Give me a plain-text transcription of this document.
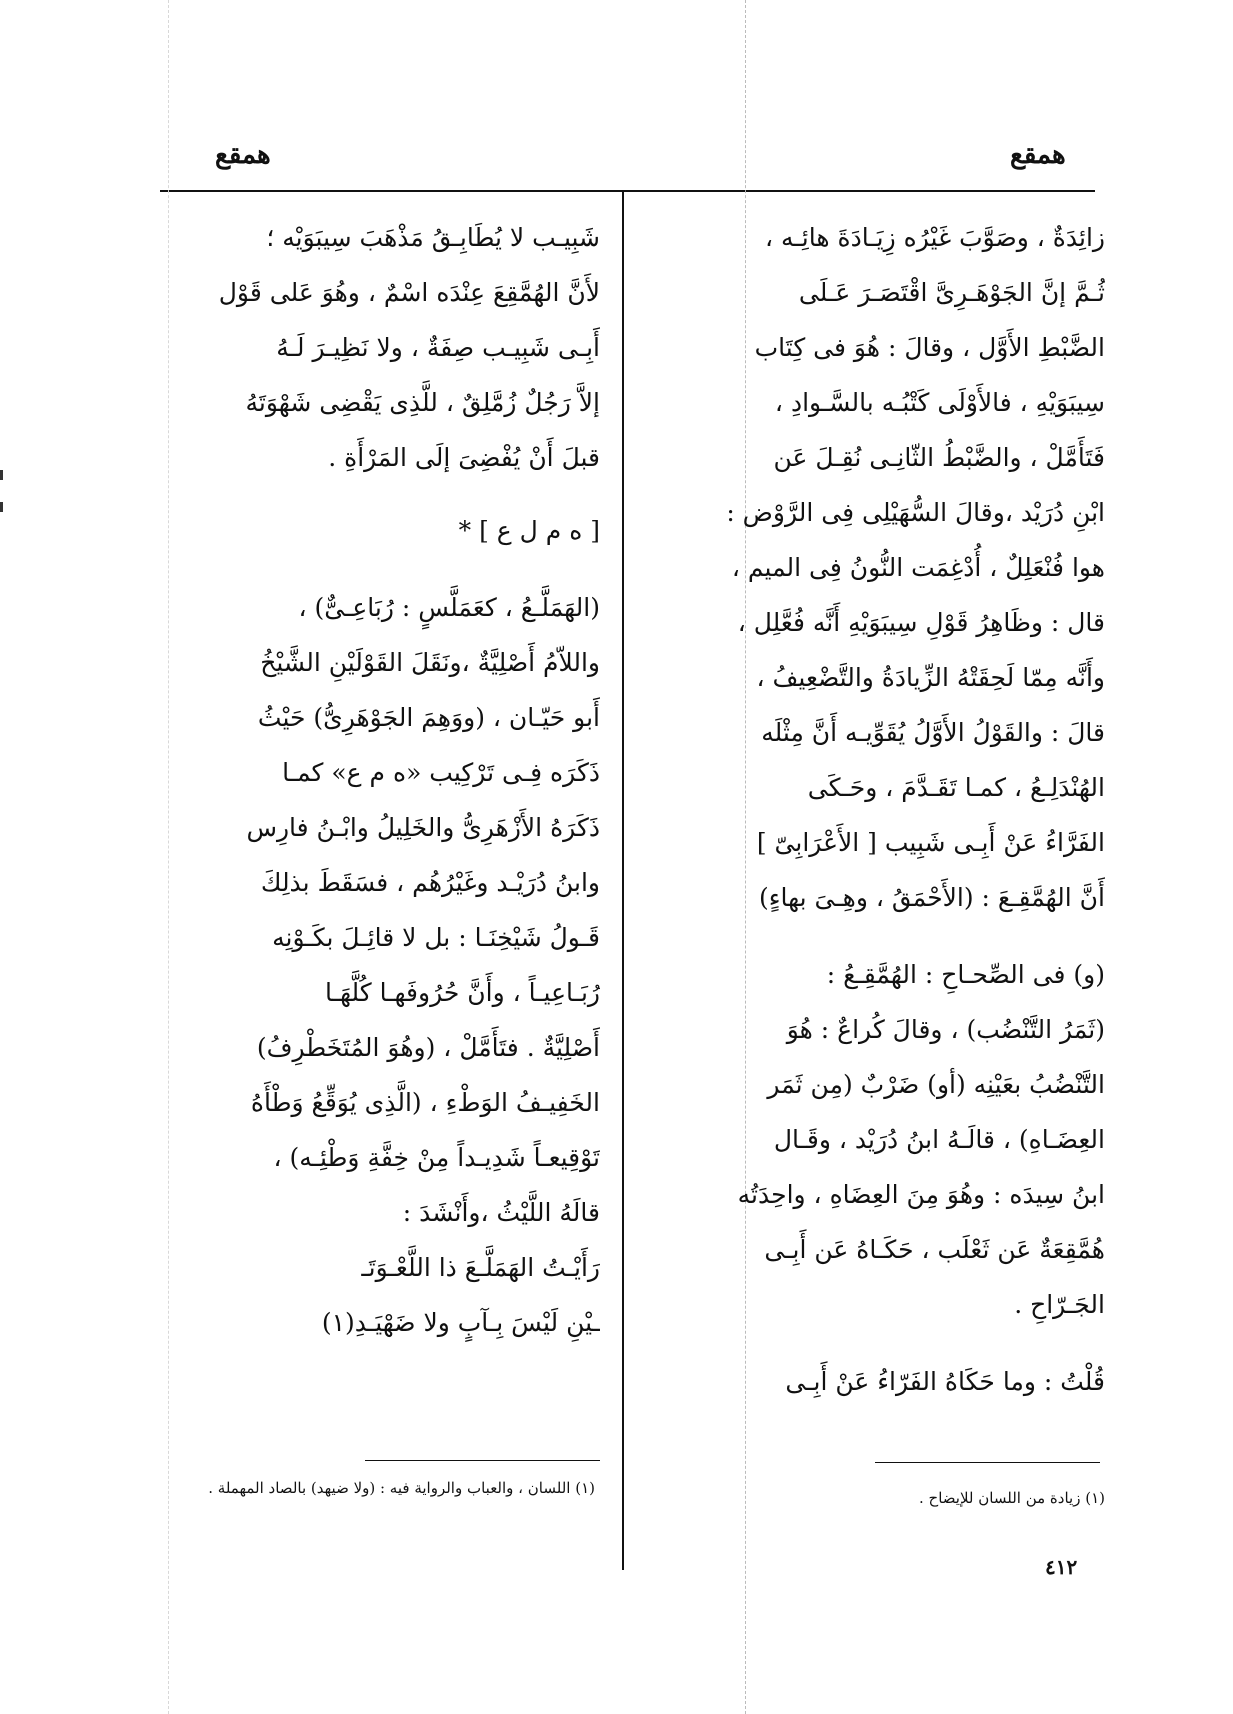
همقع	همقع

زائِدَةٌ ، وصَوَّبَ غَيْرُه زِيَـادَةَ هائِـه ،
ثُـمَّ إنَّ الجَوْهَـرِىَّ اقْتَصَـرَ عَـلَى
الضَّبْطِ الأَوَّل ، وقالَ : هُوَ فى كِتَاب
سِيبَوَيْهِ ، فالأَوْلَى كَتْبُـه بالسَّـوادِ ،
فَتَأَمَّلْ ، والضَّبْطُ الثّانِـى نُقِـلَ عَن
ابْنِ دُرَيْد ،وقالَ السُّهَيْلِى فِى الرَّوْض :
هوا فُنْعَلِلٌ ، أُدْغِمَت النُّونُ فِى الميم ،
قال : وظَاهِرُ قَوْلِ سِيبَوَيْهِ أَنَّه فُعَّلِل ،
وأَنَّه مِمّا لَحِقَتْهُ الزِّيادَةُ والتَّضْعِيفُ ،
قالَ : والقَوْلُ الأَوَّلُ يُقَوِّيـه أَنَّ مِثْلَه
الهُنْدَلِـعُ ، كمـا تَقَـدَّمَ ، وحَـكَى
الفَرَّاءُ عَنْ أَبِـى شَبِيب [ الأَعْرَابِىّ ]
أَنَّ الهُمَّقِـعَ : (الأَحْمَقُ ، وهِـىَ بهاءٍ)

(و) فى الصِّحـاحِ : الهُمَّقِـعُ :
(ثَمَرُ التَّنْضُب) ، وقالَ كُراعٌ : هُوَ
التَّنْضُبُ بعَيْنِه (أو) ضَرْبٌ (مِن ثَمَر
العِضَـاهِ) ، قالَـهُ ابنُ دُرَيْد ، وقَـال
ابنُ سِيدَه : وهُوَ مِنَ العِضَاهِ ، واحِدَتُه
هُمَّقِعَةٌ عَن ثَعْلَب ، حَكَـاهُ عَن أَبِـى
الجَـرّاحِ .

قُلْتُ : وما حَكَاهُ الفَرّاءُ عَنْ أَبِـى

شَبِيـب لا يُطَابِـقُ مَذْهَبَ سِيبَوَيْه ؛
لأَنَّ الهُمَّقِعَ عِنْدَه اسْمٌ ، وهُوَ عَلى قَوْل
أَبِـى شَبِيـب صِفَةٌ ، ولا نَظِيـرَ لَـهُ
إلاَّ رَجُلٌ زُمَّلِقٌ ، للَّذِى يَقْضِى شَهْوَتَهُ
قبلَ أَنْ يُفْضِىَ إلَى المَرْأَةِ .

[ ه م ل ع ] *

(الهَمَلَّـعُ ، كعَمَلَّسٍ : رُبَاعِـىٌّ) ،
واللاّمُ أَصْلِيَّةٌ ،ونَقَلَ القَوْلَيْنِ الشَّيْخُ
أَبو حَيّـان ، (ووَهِمَ الجَوْهَرِىُّ) حَيْثُ
ذَكَرَه فِـى تَرْكِيب «ه م ع» كمـا
ذَكَرَهُ الأَزْهَرِىُّ والخَلِيلُ وابْـنُ فارِس
وابنُ دُرَيْـد وغَيْرُهُم ، فسَقَطَ بذلِكَ
قَـولُ شَيْخِنَـا : بل لا قائِـلَ بكَـوْنِه
رُبَـاعِيـاً ، وأَنَّ حُرُوفَهـا كُلَّهَـا
أَصْلِيَّةٌ . فتَأَمَّلْ ، (وهُوَ المُتَخَطْرِفُ)
الخَفِيـفُ الوَطْءِ ، (الَّذِى يُوَقِّعُ وَطْأَهُ
تَوْقِيعـاً شَدِيـداً مِنْ خِفَّةِ وَطْئِـه) ،
قالَهُ اللَّيْثُ ،وأَنْشَدَ :

رَأَيْـتُ الهَمَلَّـعَ ذا اللَّعْـوَتَـ
ـيْنِ لَيْسَ بِـآبٍ ولا ضَهْيَـدِ(١)
(١) اللسان ، والعباب والرواية فيه : (ولا ضيهد) بالصاد المهملة .
(١) زيادة من اللسان للإيضاح .
٤١٢
